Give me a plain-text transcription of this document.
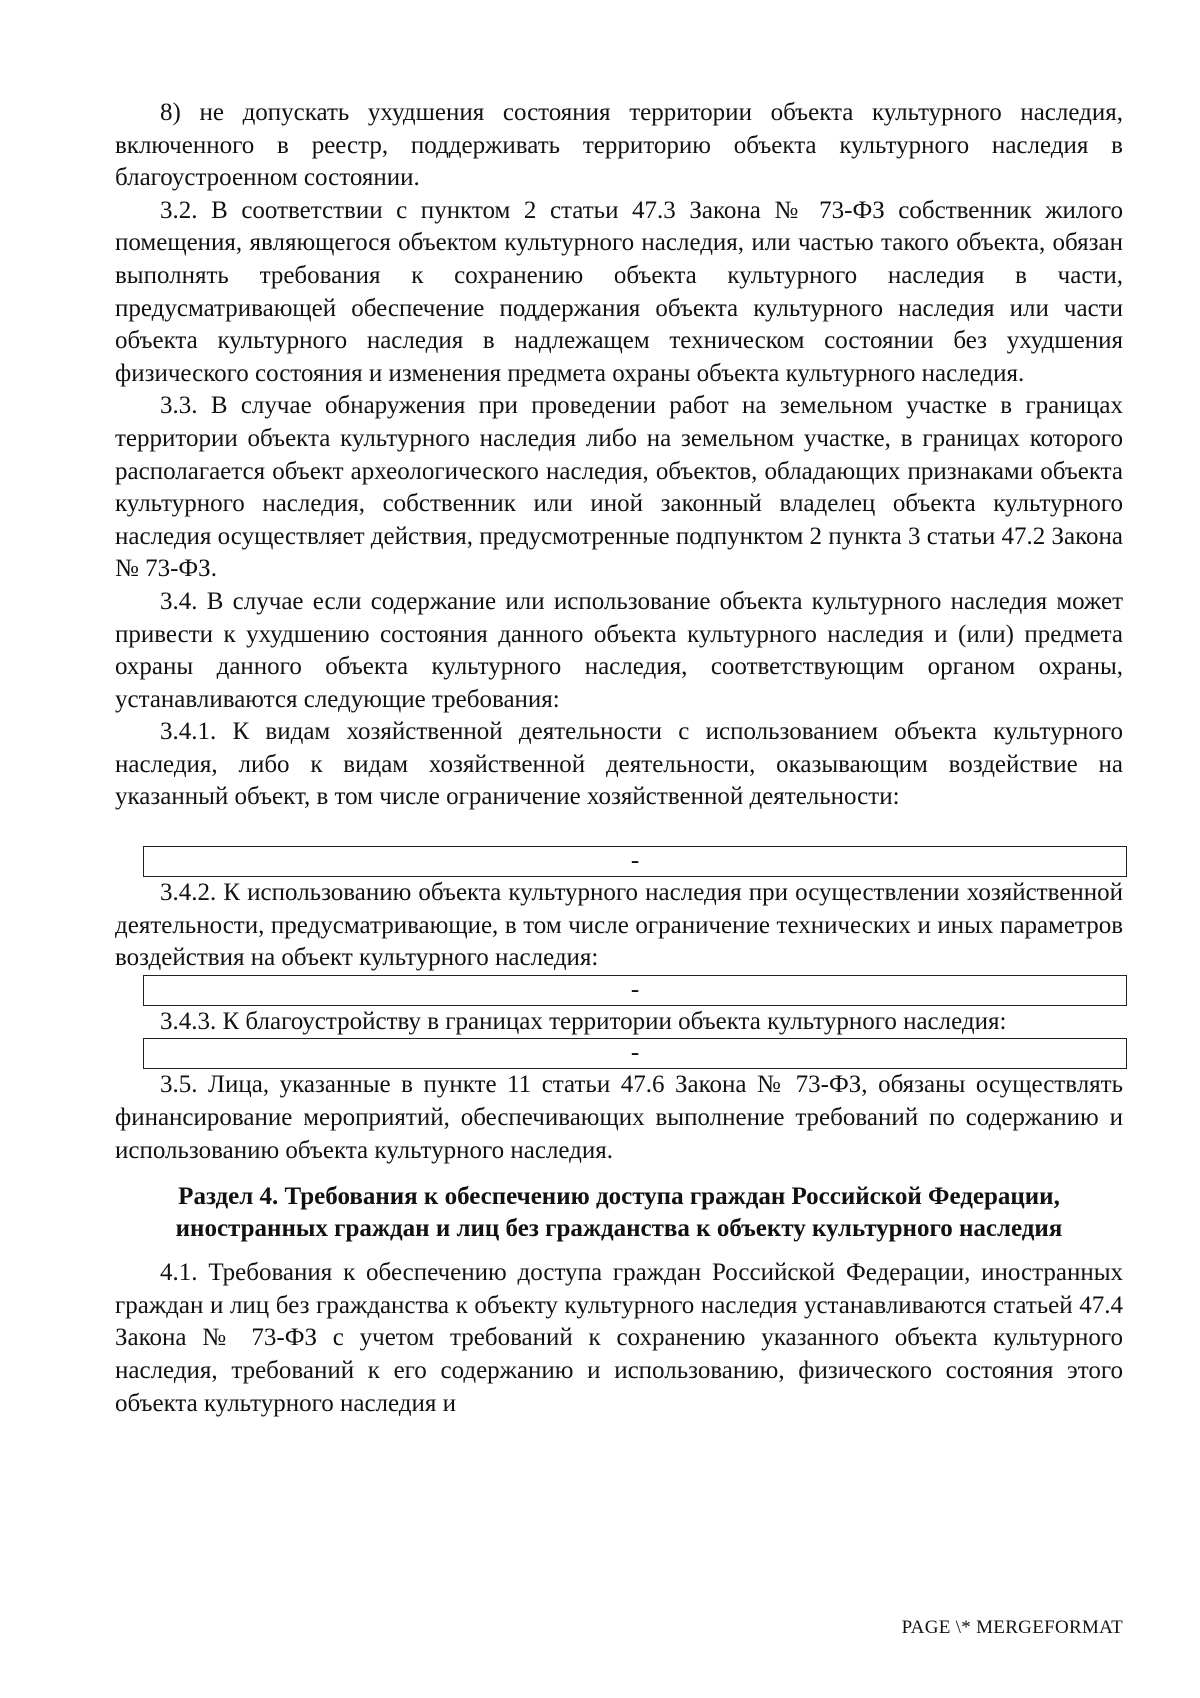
8) не допускать ухудшения состояния территории объекта культурного наследия, включенного в реестр, поддерживать территорию объекта культурного наследия в благоустроенном состоянии.

3.2. В соответствии с пунктом 2 статьи 47.3 Закона № 73-ФЗ собственник жилого помещения, являющегося объектом культурного наследия, или частью такого объекта, обязан выполнять требования к сохранению объекта культурного наследия в части, предусматривающей обеспечение поддержания объекта культурного наследия или части объекта культурного наследия в надлежащем техническом состоянии без ухудшения физического состояния и изменения предмета охраны объекта культурного наследия.

3.3. В случае обнаружения при проведении работ на земельном участке в границах территории объекта культурного наследия либо на земельном участке, в границах которого располагается объект археологического наследия, объектов, обладающих признаками объекта культурного наследия, собственник или иной законный владелец объекта культурного наследия осуществляет действия, предусмотренные подпунктом 2 пункта 3 статьи 47.2 Закона № 73-ФЗ.

3.4. В случае если содержание или использование объекта культурного наследия может привести к ухудшению состояния данного объекта культурного наследия и (или) предмета охраны данного объекта культурного наследия, соответствующим органом охраны, устанавливаются следующие требования:

3.4.1. К видам хозяйственной деятельности с использованием объекта культурного наследия, либо к видам хозяйственной деятельности, оказывающим воздействие на указанный объект, в том числе ограничение хозяйственной деятельности:

-

3.4.2. К использованию объекта культурного наследия при осуществлении хозяйственной деятельности, предусматривающие, в том числе ограничение технических и иных параметров воздействия на объект культурного наследия:

-

3.4.3. К благоустройству в границах территории объекта культурного наследия:

-

3.5. Лица, указанные в пункте 11 статьи 47.6 Закона № 73-ФЗ, обязаны осуществлять финансирование мероприятий, обеспечивающих выполнение требований по содержанию и использованию объекта культурного наследия.

Раздел 4. Требования к обеспечению доступа граждан Российской Федерации, иностранных граждан и лиц без гражданства к объекту культурного наследия

4.1. Требования к обеспечению доступа граждан Российской Федерации, иностранных граждан и лиц без гражданства к объекту культурного наследия устанавливаются статьей 47.4 Закона № 73-ФЗ с учетом требований к сохранению указанного объекта культурного наследия, требований к его содержанию и использованию, физического состояния этого объекта культурного наследия и

PAGE \* MERGEFORMAT
